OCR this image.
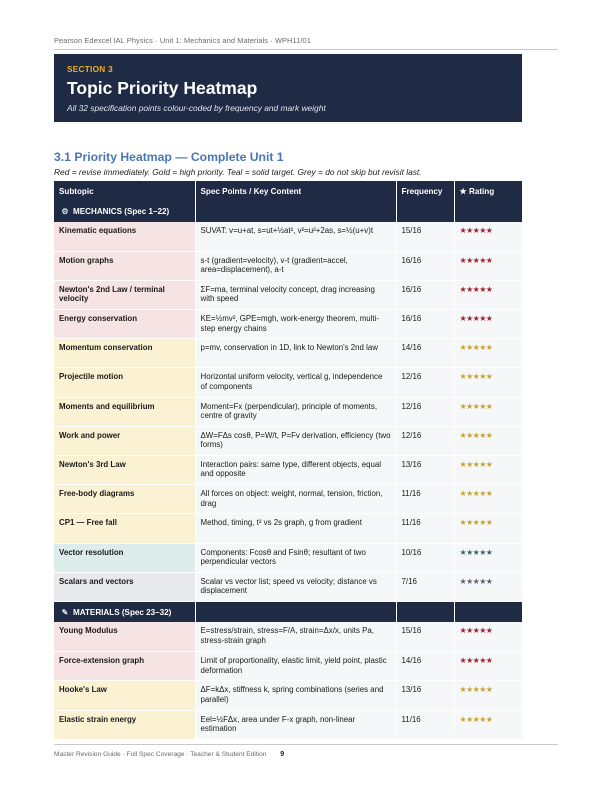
Pearson Edexcel IAL Physics · Unit 1: Mechanics and Materials · WPH11/01
SECTION 3
Topic Priority Heatmap
All 32 specification points colour-coded by frequency and mark weight
3.1 Priority Heatmap — Complete Unit 1
Red = revise immediately. Gold = high priority. Teal = solid target. Grey = do not skip but revisit last.
Subtopic	Spec Points / Key Content	Frequency	★ Rating
⚙ MECHANICS (Spec 1–22)			
Kinematic equations	SUVAT: v=u+at, s=ut+½at², v²=u²+2as, s=½(u+v)t	15/16	★★★★★
Motion graphs	s-t (gradient=velocity), v-t (gradient=accel, area=displacement), a-t	16/16	★★★★★
Newton's 2nd Law / terminal velocity	ΣF=ma, terminal velocity concept, drag increasing with speed	16/16	★★★★★
Energy conservation	KE=½mv², GPE=mgh, work-energy theorem, multi-step energy chains	16/16	★★★★★
Momentum conservation	p=mv, conservation in 1D, link to Newton's 2nd law	14/16	★★★★★
Projectile motion	Horizontal uniform velocity, vertical g, independence of components	12/16	★★★★★
Moments and equilibrium	Moment=Fx (perpendicular), principle of moments, centre of gravity	12/16	★★★★★
Work and power	ΔW=FΔs cosθ, P=W/t, P=Fv derivation, efficiency (two forms)	12/16	★★★★★
Newton's 3rd Law	Interaction pairs: same type, different objects, equal and opposite	13/16	★★★★★
Free-body diagrams	All forces on object: weight, normal, tension, friction, drag	11/16	★★★★★
CP1 — Free fall	Method, timing, t² vs 2s graph, g from gradient	11/16	★★★★★
Vector resolution	Components: Fcosθ and Fsinθ; resultant of two perpendicular vectors	10/16	★★★★★
Scalars and vectors	Scalar vs vector list; speed vs velocity; distance vs displacement	7/16	★★★★★
✎ MATERIALS (Spec 23–32)			
Young Modulus	E=stress/strain, stress=F/A, strain=Δx/x, units Pa, stress-strain graph	15/16	★★★★★
Force-extension graph	Limit of proportionality, elastic limit, yield point, plastic deformation	14/16	★★★★★
Hooke's Law	ΔF=kΔx, stiffness k, spring combinations (series and parallel)	13/16	★★★★★
Elastic strain energy	Eel=½FΔx, area under F-x graph, non-linear estimation	11/16	★★★★★
Master Revision Guide · Full Spec Coverage · Teacher & Student Edition 9
